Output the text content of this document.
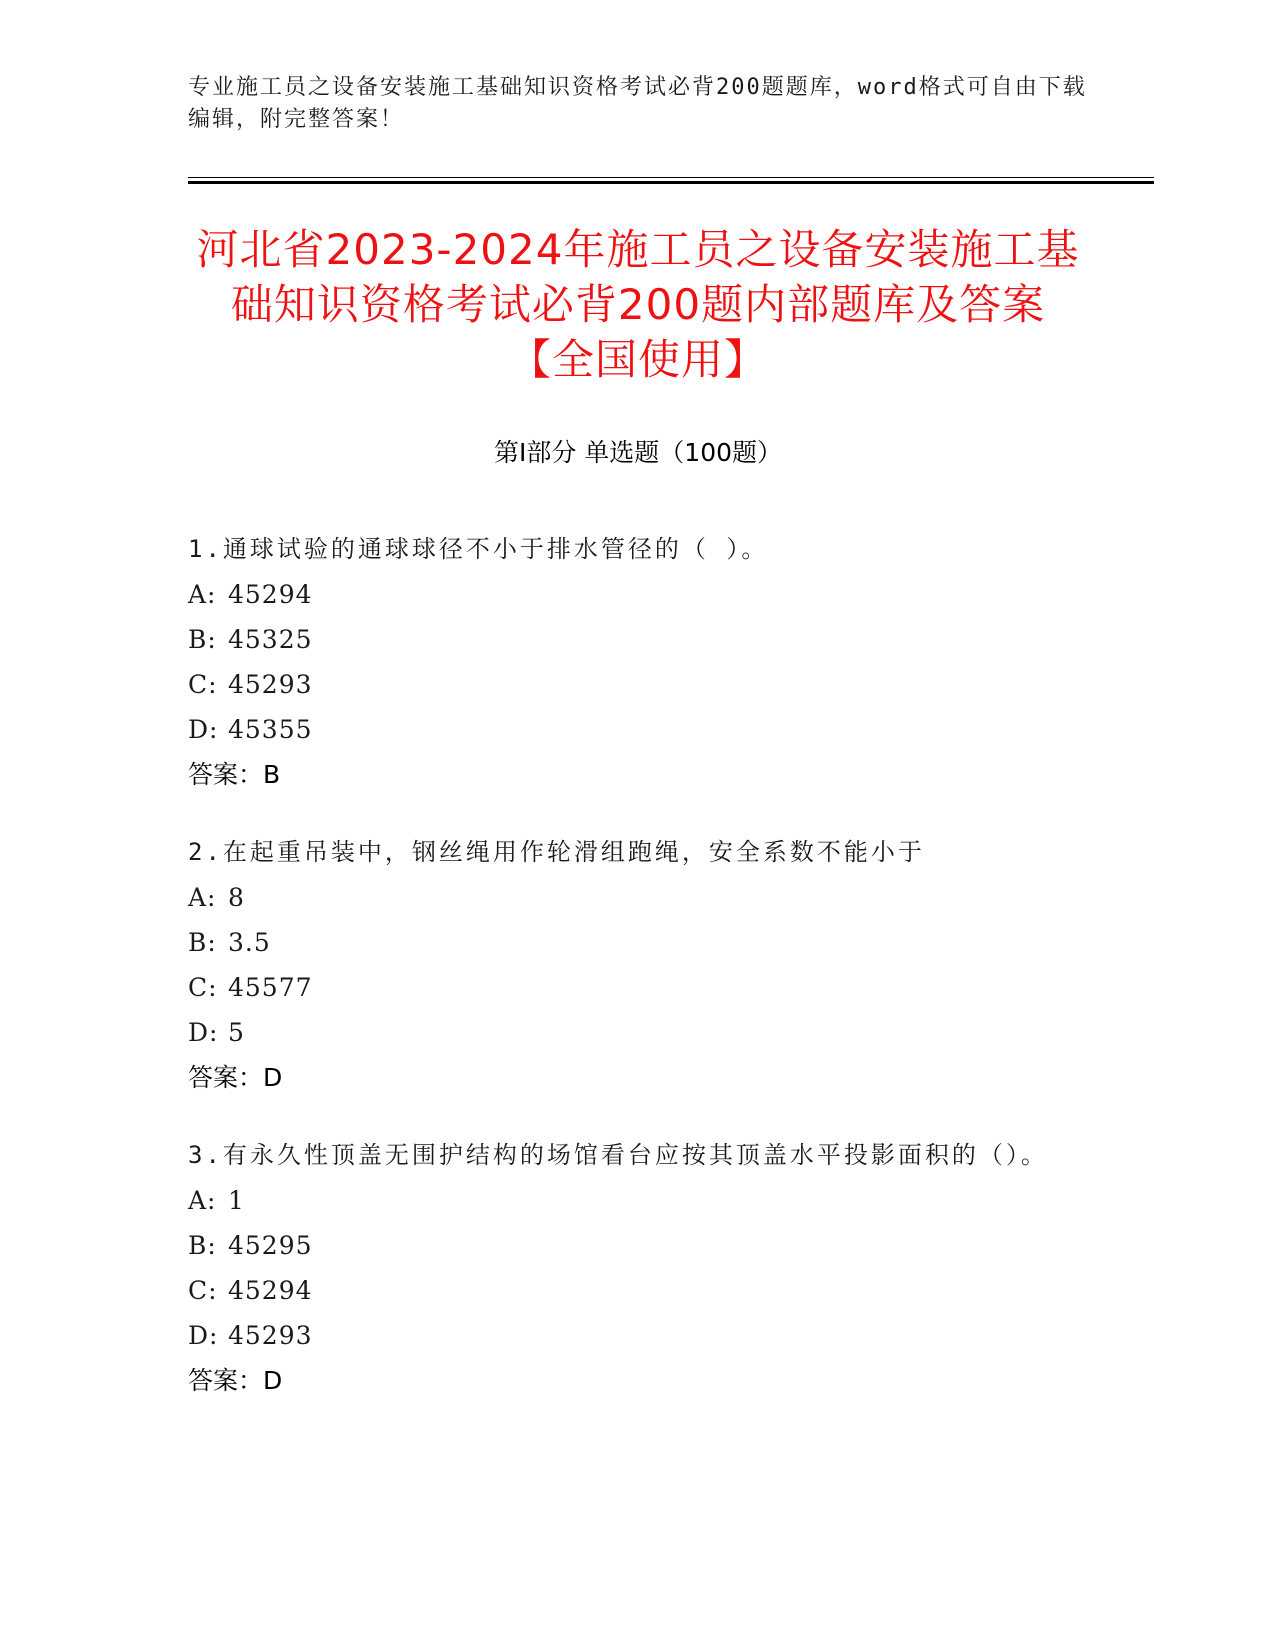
专业施工员之设备安装施工基础知识资格考试必背200题题库，word格式可自由下载编辑，附完整答案！
河北省2023-2024年施工员之设备安装施工基础知识资格考试必背200题内部题库及答案【全国使用】
第Ⅰ部分 单选题（100题）
1.通球试验的通球球径不小于排水管径的（ ）。
A: 45294
B: 45325
C: 45293
D: 45355
答案：B
2.在起重吊装中，钢丝绳用作轮滑组跑绳，安全系数不能小于
A: 8
B: 3.5
C: 45577
D: 5
答案：D
3.有永久性顶盖无围护结构的场馆看台应按其顶盖水平投影面积的（）。
A: 1
B: 45295
C: 45294
D: 45293
答案：D
